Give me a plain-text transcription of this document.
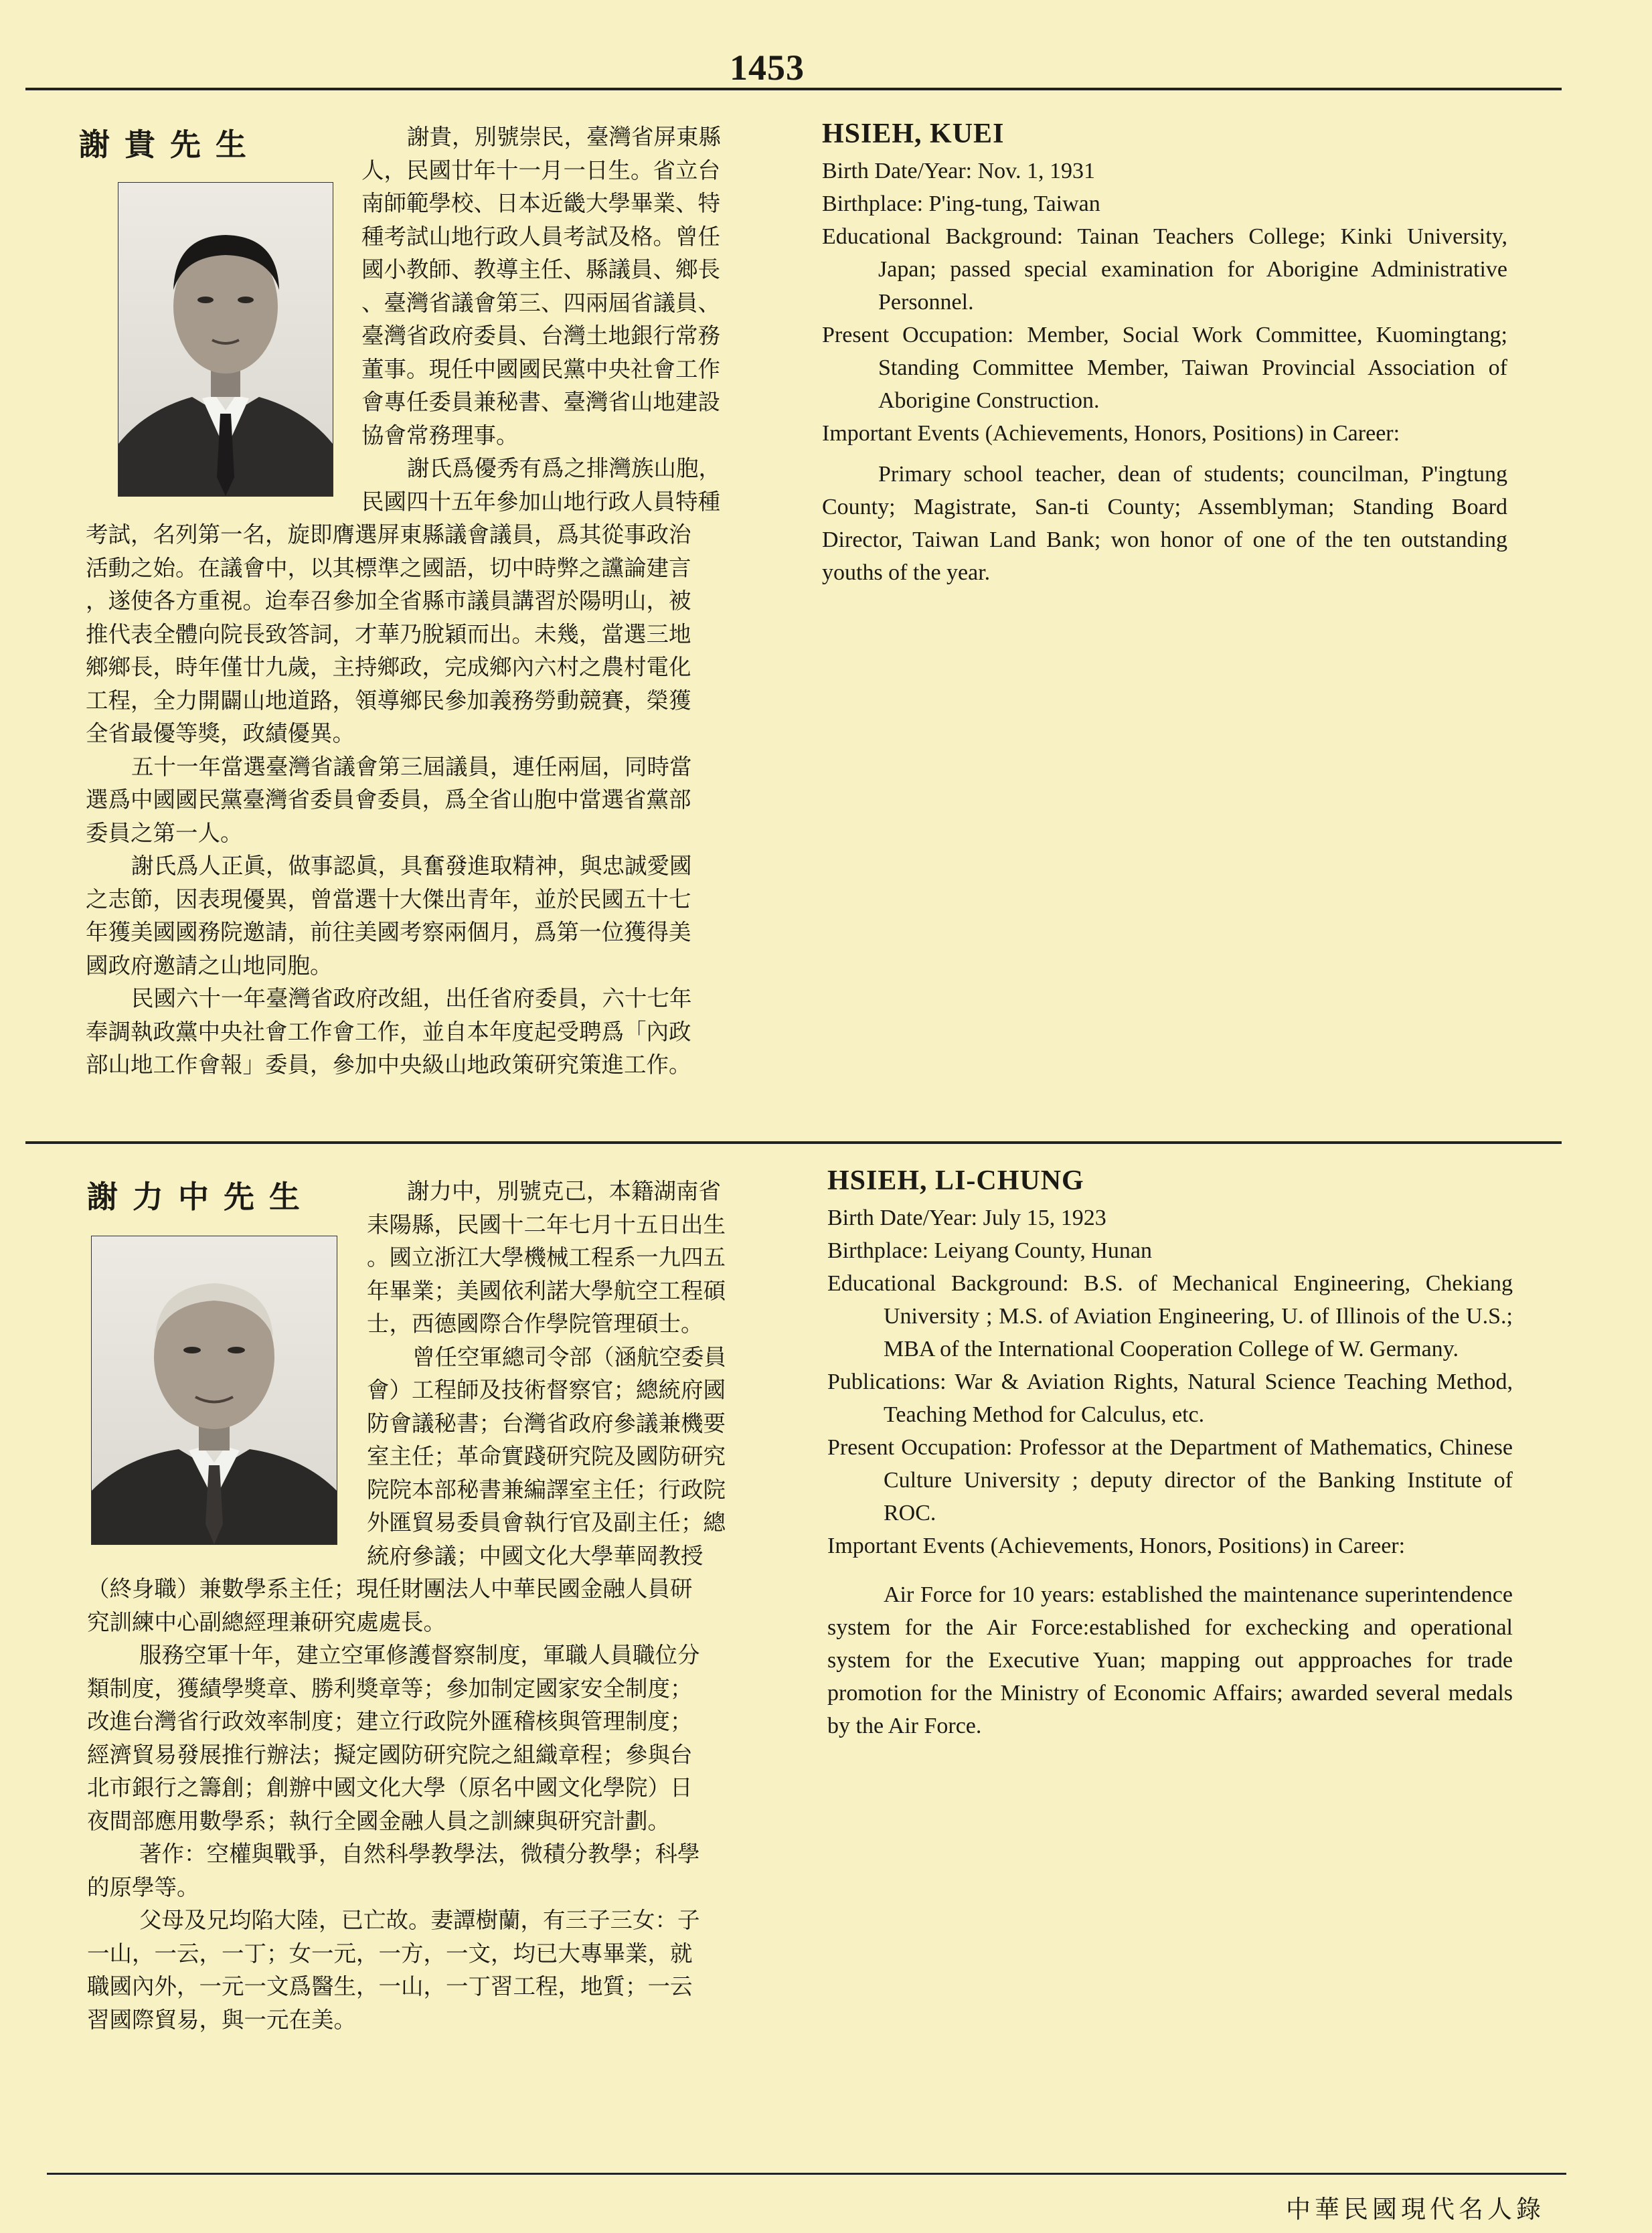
1453
謝貴先生	謝貴，別號崇民，臺灣省屏東縣

人，民國廿年十一月一日生。省立台

南師範學校、日本近畿大學畢業、特

種考試山地行政人員考試及格。曾任

國小教師、教導主任、縣議員、鄉長

、臺灣省議會第三、四兩屆省議員、

臺灣省政府委員、台灣土地銀行常務

董事。現任中國國民黨中央社會工作

會專任委員兼秘書、臺灣省山地建設

協會常務理事。

謝氏爲優秀有爲之排灣族山胞，

民國四十五年參加山地行政人員特種

考試，名列第一名，旋即膺選屏東縣議會議員，爲其從事政治

活動之始。在議會中，以其標準之國語，切中時弊之讜論建言

，遂使各方重視。迨奉召參加全省縣市議員講習於陽明山，被

推代表全體向院長致答詞，才華乃脫穎而出。未幾，當選三地

鄉鄉長，時年僅廿九歲，主持鄉政，完成鄉內六村之農村電化

工程，全力開闢山地道路，領導鄉民參加義務勞動競賽，榮獲

全省最優等獎，政績優異。

五十一年當選臺灣省議會第三屆議員，連任兩屆，同時當

選爲中國國民黨臺灣省委員會委員，爲全省山胞中當選省黨部

委員之第一人。

謝氏爲人正眞，做事認眞，具奮發進取精神，與忠誠愛國

之志節，因表現優異，曾當選十大傑出青年，並於民國五十七

年獲美國國務院邀請，前往美國考察兩個月，爲第一位獲得美

國政府邀請之山地同胞。

民國六十一年臺灣省政府改組，出任省府委員，六十七年

奉調執政黨中央社會工作會工作，並自本年度起受聘爲「內政

部山地工作會報」委員，參加中央級山地政策研究策進工作。

HSIEH, KUEI

Birth Date/Year: Nov. 1, 1931

Birthplace: P'ing-tung, Taiwan

Educational Background: Tainan Teachers College; Kinki University, Japan; passed special examination for Aborigine Administrative Personnel.

Present Occupation: Member, Social Work Committee, Kuomingtang; Standing Committee Member, Taiwan Provincial Association of Aborigine Construction.

Important Events (Achievements, Honors, Positions) in Career:

Primary school teacher, dean of students; councilman, P'ingtung County; Magistrate, San-ti County; Assemblyman; Standing Board Director, Taiwan Land Bank; won honor of one of the ten outstanding youths of the year.

謝力中先生	謝力中，別號克己，本籍湖南省

耒陽縣，民國十二年七月十五日出生

。國立浙江大學機械工程系一九四五

年畢業；美國依利諾大學航空工程碩

士，西德國際合作學院管理碩士。

曾任空軍總司令部（涵航空委員

會）工程師及技術督察官；總統府國

防會議秘書；台灣省政府參議兼機要

室主任；革命實踐研究院及國防研究

院院本部秘書兼編譯室主任；行政院

外匯貿易委員會執行官及副主任；總

統府參議；中國文化大學華岡教授

（終身職）兼數學系主任；現任財團法人中華民國金融人員研

究訓練中心副總經理兼研究處處長。

服務空軍十年，建立空軍修護督察制度，軍職人員職位分

類制度，獲績學獎章、勝利獎章等；參加制定國家安全制度；

改進台灣省行政效率制度；建立行政院外匯稽核與管理制度；

經濟貿易發展推行辦法；擬定國防研究院之組織章程；參與台

北市銀行之籌創；創辦中國文化大學（原名中國文化學院）日

夜間部應用數學系；執行全國金融人員之訓練與研究計劃。

著作：空權與戰爭，自然科學教學法，微積分教學；科學

的原學等。

父母及兄均陷大陸，已亡故。妻譚樹蘭，有三子三女：子

一山，一云，一丁；女一元，一方，一文，均已大專畢業，就

職國內外，一元一文爲醫生，一山，一丁習工程，地質；一云

習國際貿易，與一元在美。

HSIEH, LI-CHUNG

Birth Date/Year: July 15, 1923

Birthplace: Leiyang County, Hunan

Educational Background: B.S. of Mechanical Engineering, Chekiang University ; M.S. of Aviation Engineering, U. of Illinois of the U.S.; MBA of the International Cooperation College of W. Germany.

Publications: War & Aviation Rights, Natural Science Teaching Method, Teaching Method for Calculus, etc.

Present Occupation: Professor at the Department of Mathematics, Chinese Culture University ; deputy director of the Banking Institute of ROC.

Important Events (Achievements, Honors, Positions) in Career:

Air Force for 10 years: established the maintenance superintendence system for the Air Force:established for exchecking and operational system for the Executive Yuan; mapping out appproaches for trade promotion for the Ministry of Economic Affairs; awarded several medals by the Air Force.

中華民國現代名人錄
